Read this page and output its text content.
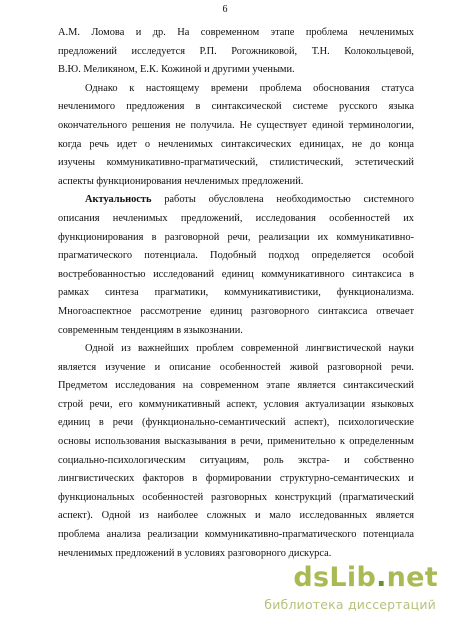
6

А.М. Ломова и др. На современном этапе проблема нечленимых
предложений исследуется Р.П. Рогожниковой, Т.Н. Колокольцевой,
В.Ю. Меликяном, Е.К. Кожиной и другими учеными.

Однако к настоящему времени проблема обоснования статуса
нечленимого предложения в синтаксической системе русского языка
окончательного решения не получила. Не существует единой терминологии,
когда речь идет о нечленимых синтаксических единицах, не до конца
изучены коммуникативно-прагматический, стилистический, эстетический
аспекты функционирования нечленимых предложений.

Актуальность работы обусловлена необходимостью системного
описания нечленимых предложений, исследования особенностей их
функционирования в разговорной речи, реализации их коммуникативно-
прагматического потенциала. Подобный подход определяется особой
востребованностью исследований единиц коммуникативного синтаксиса в
рамках синтеза прагматики, коммуникативистики, функционализма.
Многоаспектное рассмотрение единиц разговорного синтаксиса отвечает
современным тенденциям в языкознании.

Одной из важнейших проблем современной лингвистической науки
является изучение и описание особенностей живой разговорной речи.
Предметом исследования на современном этапе является синтаксический
строй речи, его коммуникативный аспект, условия актуализации языковых
единиц в речи (функционально-семантический аспект), психологические
основы использования высказывания в речи, применительно к определенным
социально-психологическим ситуациям, роль экстра- и собственно
лингвистических факторов в формировании структурно-семантических и
функциональных особенностей разговорных конструкций (прагматический
аспект). Одной из наиболее сложных и мало исследованных является
проблема анализа реализации коммуникативно-прагматического потенциала
нечленимых предложений в условиях разговорного дискурса.

dsLib.net
библиотека диссертаций
